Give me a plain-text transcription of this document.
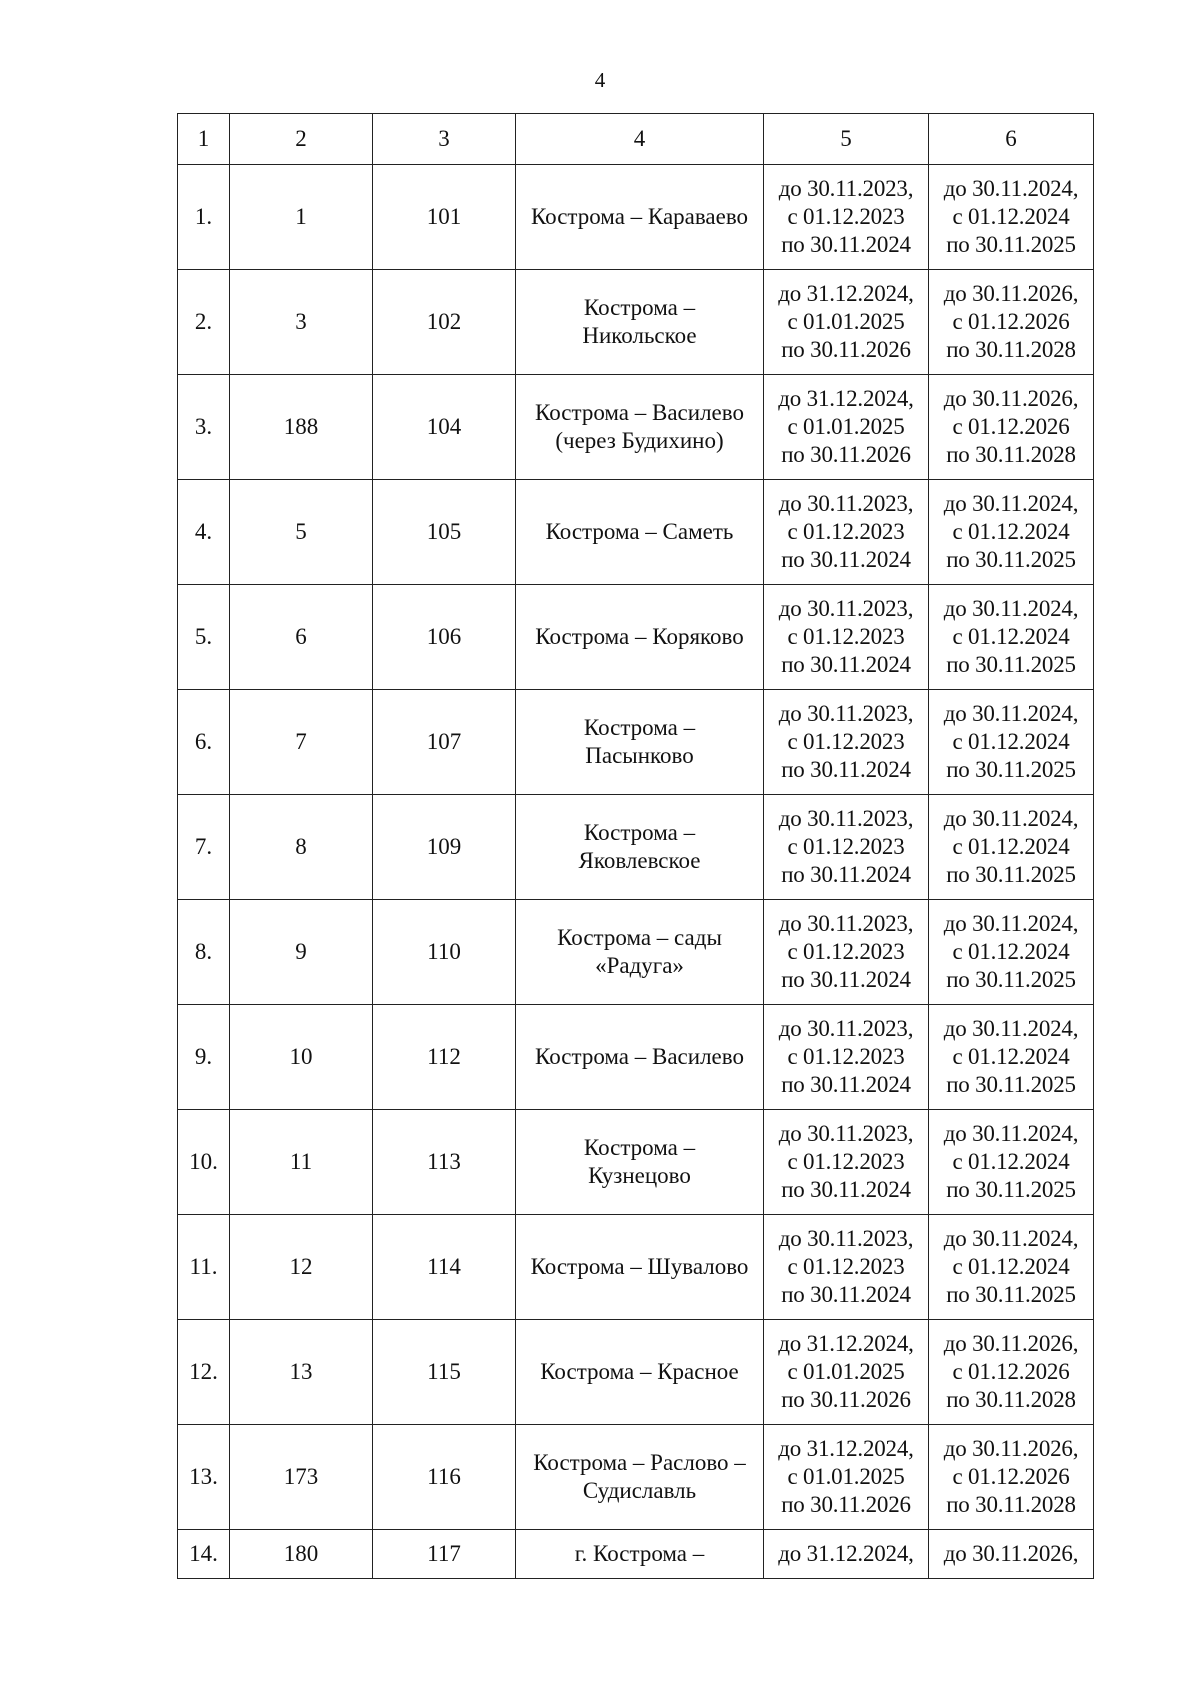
4
1	2	3	4	5	6
1.	1	101	Кострома – Караваево	до 30.11.2023,
с 01.12.2023
по 30.11.2024	до 30.11.2024,
с 01.12.2024
по 30.11.2025

2.	3	102	Кострома –
Никольское	до 31.12.2024,
с 01.01.2025
по 30.11.2026	до 30.11.2026,
с 01.12.2026
по 30.11.2028

3.	188	104	Кострома – Василево
(через Будихино)	до 31.12.2024,
с 01.01.2025
по 30.11.2026	до 30.11.2026,
с 01.12.2026
по 30.11.2028

4.	5	105	Кострома – Саметь	до 30.11.2023,
с 01.12.2023
по 30.11.2024	до 30.11.2024,
с 01.12.2024
по 30.11.2025

5.	6	106	Кострома – Коряково	до 30.11.2023,
с 01.12.2023
по 30.11.2024	до 30.11.2024,
с 01.12.2024
по 30.11.2025

6.	7	107	Кострома –
Пасынково	до 30.11.2023,
с 01.12.2023
по 30.11.2024	до 30.11.2024,
с 01.12.2024
по 30.11.2025

7.	8	109	Кострома –
Яковлевское	до 30.11.2023,
с 01.12.2023
по 30.11.2024	до 30.11.2024,
с 01.12.2024
по 30.11.2025

8.	9	110	Кострома – сады
«Радуга»	до 30.11.2023,
с 01.12.2023
по 30.11.2024	до 30.11.2024,
с 01.12.2024
по 30.11.2025

9.	10	112	Кострома – Василево	до 30.11.2023,
с 01.12.2023
по 30.11.2024	до 30.11.2024,
с 01.12.2024
по 30.11.2025

10.	11	113	Кострома –
Кузнецово	до 30.11.2023,
с 01.12.2023
по 30.11.2024	до 30.11.2024,
с 01.12.2024
по 30.11.2025

11.	12	114	Кострома – Шувалово	до 30.11.2023,
с 01.12.2023
по 30.11.2024	до 30.11.2024,
с 01.12.2024
по 30.11.2025

12.	13	115	Кострома – Красное	до 31.12.2024,
с 01.01.2025
по 30.11.2026	до 30.11.2026,
с 01.12.2026
по 30.11.2028

13.	173	116	Кострома – Раслово –
Судиславль	до 31.12.2024,
с 01.01.2025
по 30.11.2026	до 30.11.2026,
с 01.12.2026
по 30.11.2028

14.	180	117	г. Кострома –	до 31.12.2024,	до 30.11.2026,
